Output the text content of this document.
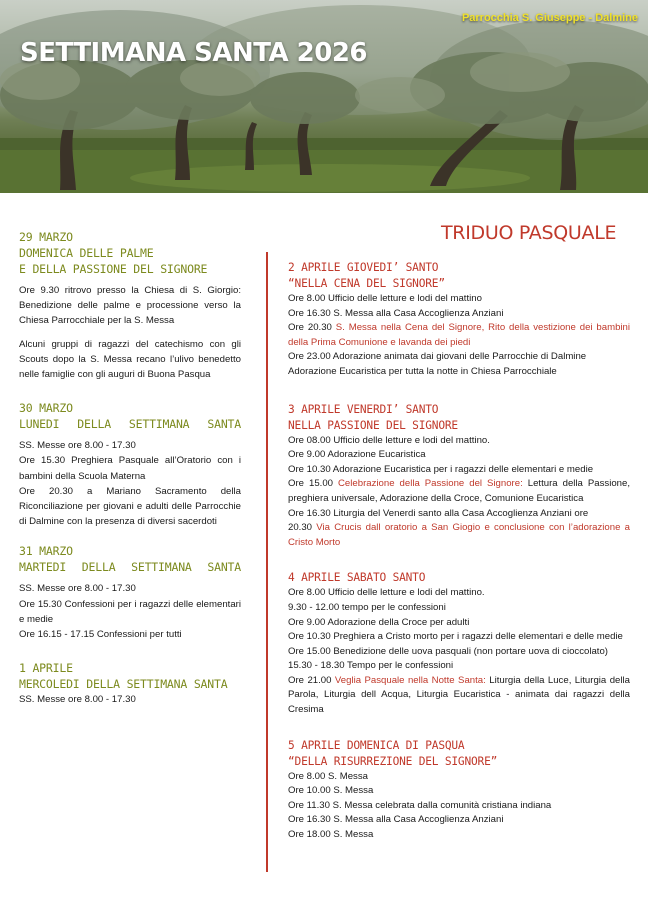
SETTIMANA SANTA 2026
Parrocchia S. Giuseppe - Dalmine
29 MARZO
DOMENICA DELLE PALME
E DELLA PASSIONE DEL SIGNORE
Ore 9.30 ritrovo presso la Chiesa di S. Giorgio: Benedizione delle palme e processione verso la Chiesa Parrocchiale per la S. Messa
Alcuni gruppi di ragazzi del catechismo con gli Scouts dopo la S. Messa recano l’ulivo benedetto nelle famiglie con gli auguri di Buona Pasqua
30 MARZO
LUNEDI DELLA SETTIMANA SANTA
SS. Messe ore 8.00 - 17.30
Ore 15.30 Preghiera Pasquale all’Oratorio con i bambini della Scuola Materna
Ore 20.30 a Mariano Sacramento della Riconciliazione per giovani e adulti delle Parrocchie di Dalmine con la presenza di diversi sacerdoti
31 MARZO
MARTEDI DELLA SETTIMANA SANTA
SS. Messe ore 8.00 - 17.30
Ore 15.30 Confessioni per i ragazzi delle elementari e medie
Ore 16.15 - 17.15 Confessioni per tutti
1 APRILE
MERCOLEDI DELLA SETTIMANA SANTA
SS. Messe ore 8.00 - 17.30
TRIDUO PASQUALE
2 APRILE GIOVEDI’ SANTO
“NELLA CENA DEL SIGNORE”
Ore 8.00 Ufficio delle letture e lodi del mattino
Ore 16.30 S. Messa alla Casa Accoglienza Anziani
Ore 20.30 S. Messa nella Cena del Signore, Rito della vestizione dei bambini della Prima Comunione e lavanda dei piedi
Ore 23.00 Adorazione animata dai giovani delle Parrocchie di Dalmine
Adorazione Eucaristica per tutta la notte in Chiesa Parrocchiale
3 APRILE VENERDI’ SANTO
NELLA PASSIONE DEL SIGNORE
Ore 08.00 Ufficio delle letture e lodi del mattino.
Ore 9.00 Adorazione Eucaristica
Ore 10.30 Adorazione Eucaristica per i ragazzi delle elementari e medie
Ore 15.00 Celebrazione della Passione del Signore: Lettura della Passione, preghiera universale, Adorazione della Croce, Comunione Eucaristica
Ore 16.30 Liturgia del Venerdi santo alla Casa Accoglienza Anziani ore
20.30 Via Crucis dall oratorio a San Giogio e conclusione con l’adorazione a Cristo Morto
4 APRILE SABATO SANTO
Ore 8.00 Ufficio delle letture e lodi del mattino.
9.30 - 12.00 tempo per le confessioni
Ore 9.00 Adorazione della Croce per adulti
Ore 10.30 Preghiera a Cristo morto per i ragazzi delle elementari e delle medie
Ore 15.00 Benedizione delle uova pasquali (non portare uova di cioccolato)
15.30 - 18.30 Tempo per le confessioni
Ore 21.00 Veglia Pasquale nella Notte Santa: Liturgia della Luce, Liturgia della Parola, Liturgia dell Acqua, Liturgia Eucaristica - animata dai ragazzi della Cresima
5 APRILE DOMENICA DI PASQUA
“DELLA RISURREZIONE DEL SIGNORE”
Ore 8.00 S. Messa
Ore 10.00 S. Messa
Ore 11.30 S. Messa celebrata dalla comunità cristiana indiana
Ore 16.30 S. Messa alla Casa Accoglienza Anziani
Ore 18.00 S. Messa
